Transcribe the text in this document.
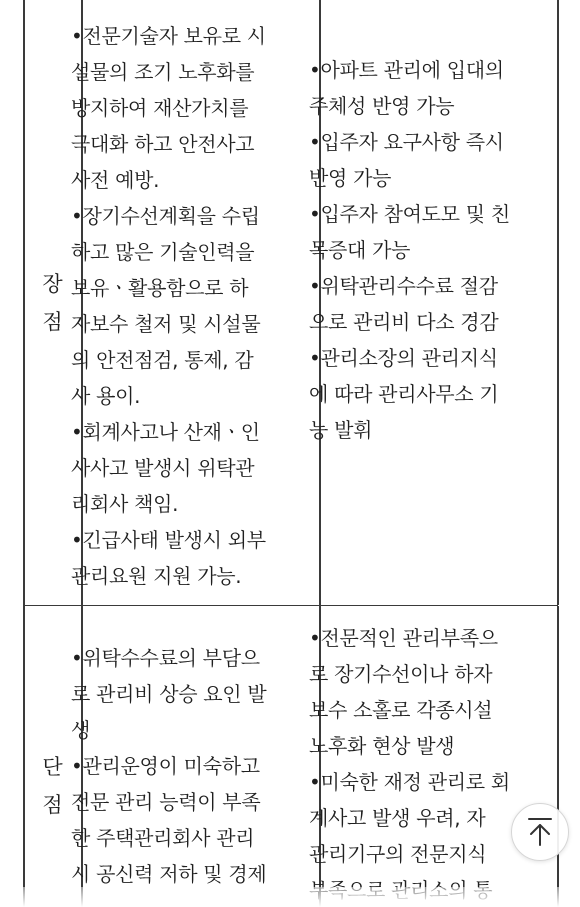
장
점
•전문기술자 보유로 시
설물의 조기 노후화를
방지하여 재산가치를
극대화 하고 안전사고
사전 예방.
•장기수선계획을 수립
하고 많은 기술인력을
보유ㆍ활용함으로 하
자보수 철저 및 시설물
의 안전점검, 통제, 감
사 용이.
•회계사고나 산재ㆍ인
사사고 발생시 위탁관
리회사 책임.
•긴급사태 발생시 외부
관리요원 지원 가능.
•아파트 관리에 입대의
주체성 반영 가능
•입주자 요구사항 즉시
반영 가능
•입주자 참여도모 및 친
목증대 가능
•위탁관리수수료 절감
으로 관리비 다소 경감
•관리소장의 관리지식
에 따라 관리사무소 기
능 발휘
단
점
•위탁수수료의 부담으
로 관리비 상승 요인 발
생
•관리운영이 미숙하고
전문 관리 능력이 부족
한 주택관리회사 관리
시 공신력 저하 및 경제
•전문적인 관리부족으
로 장기수선이나 하자
보수 소홀로 각종시설
노후화 현상 발생
•미숙한 재정 관리로 회
계사고 발생 우려, 자
관리기구의 전문지식
